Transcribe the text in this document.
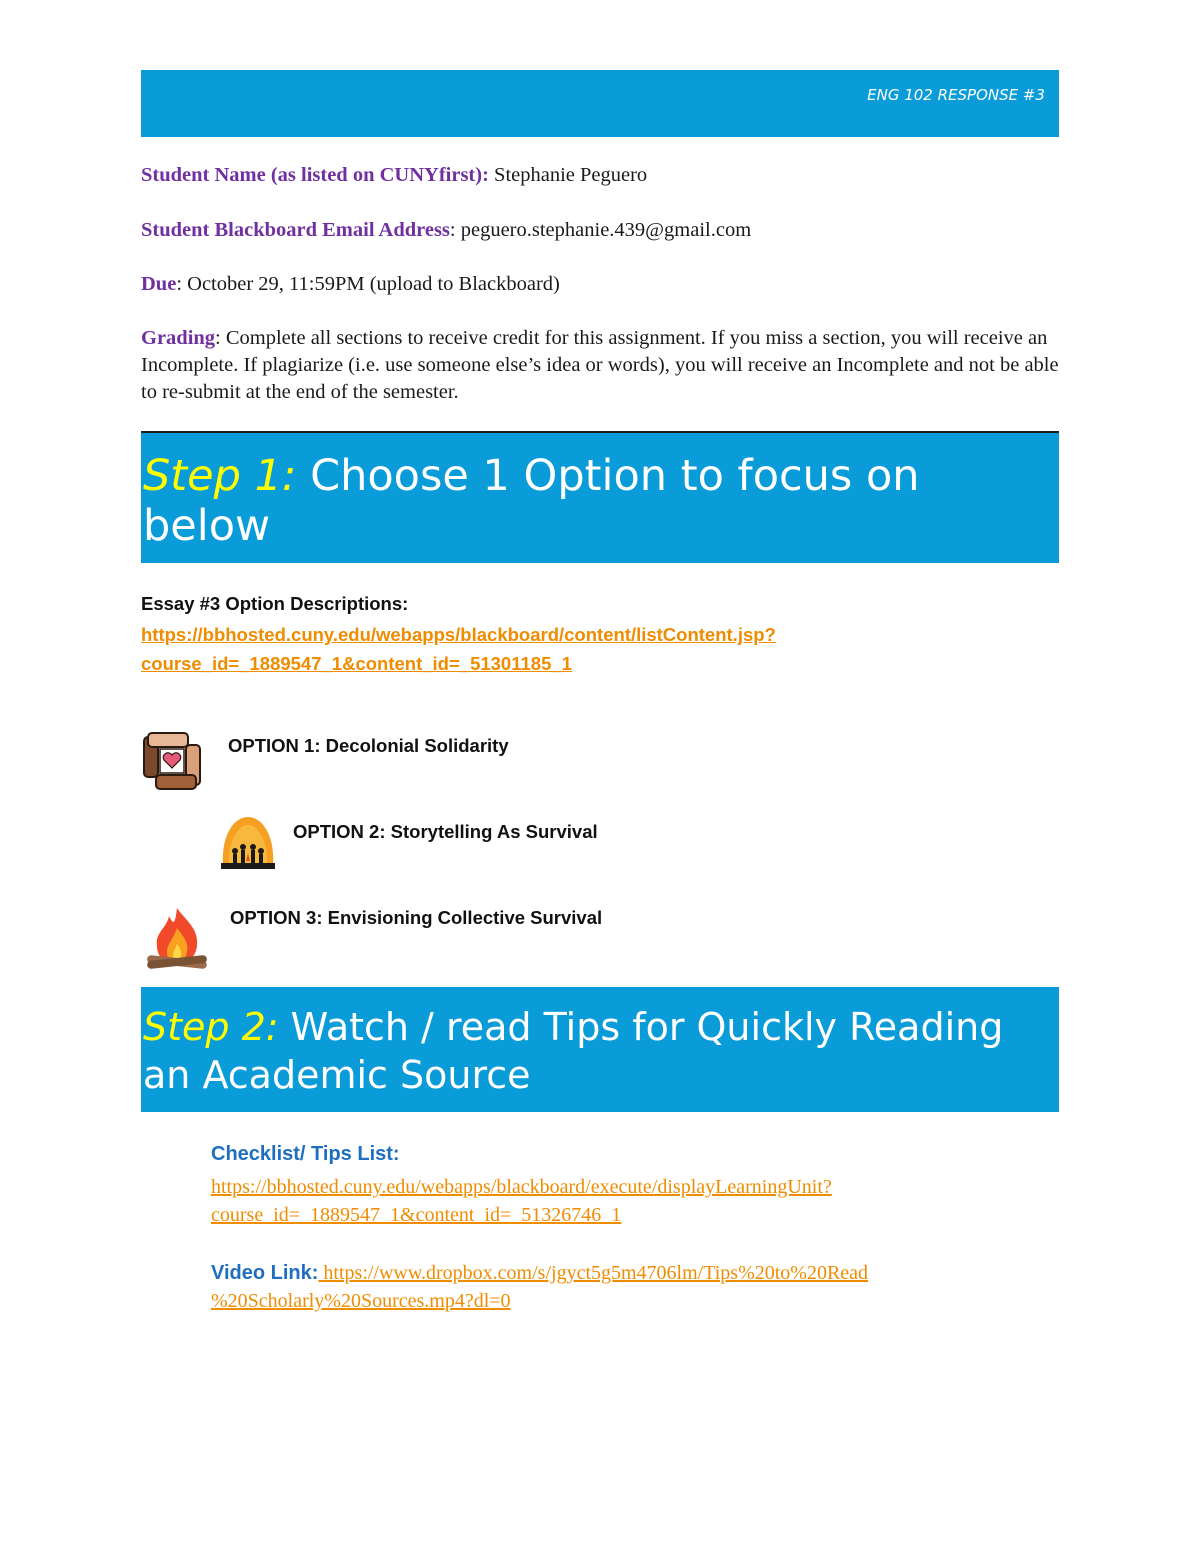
ENG 102 RESPONSE #3
Student Name (as listed on CUNYfirst): Stephanie Peguero
Student Blackboard Email Address: peguero.stephanie.439@gmail.com
Due: October 29, 11:59PM (upload to Blackboard)
Grading: Complete all sections to receive credit for this assignment. If you miss a section, you will receive an Incomplete. If plagiarize (i.e. use someone else’s idea or words), you will receive an Incomplete and not be able to re-submit at the end of the semester.
Step 1: Choose 1 Option to focus on below
Essay #3 Option Descriptions:
https://bbhosted.cuny.edu/webapps/blackboard/content/listContent.jsp?
course_id=_1889547_1&content_id=_51301185_1
OPTION 1: Decolonial Solidarity
OPTION 2: Storytelling As Survival
OPTION 3: Envisioning Collective Survival
Step 2: Watch / read Tips for Quickly Reading an Academic Source
Checklist/ Tips List:
https://bbhosted.cuny.edu/webapps/blackboard/execute/displayLearningUnit?
course_id=_1889547_1&content_id=_51326746_1
Video Link: https://www.dropbox.com/s/jgyct5g5m4706lm/Tips%20to%20Read
%20Scholarly%20Sources.mp4?dl=0
